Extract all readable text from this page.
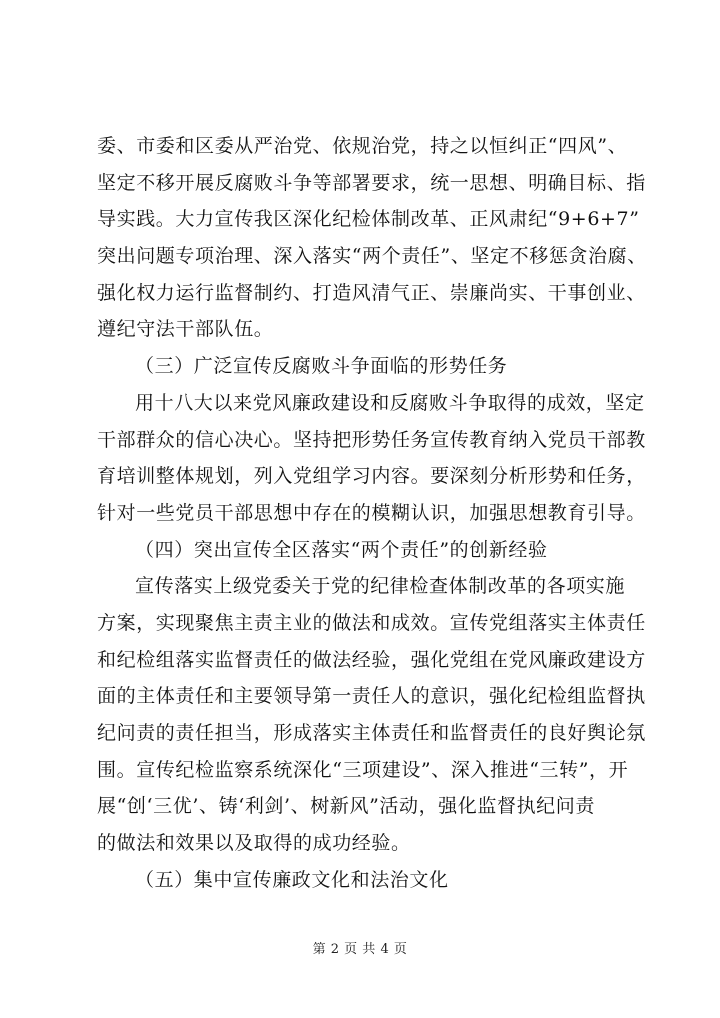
委、市委和区委从严治党、依规治党，持之以恒纠正“四风”、
坚定不移开展反腐败斗争等部署要求，统一思想、明确目标、指
导实践。大力宣传我区深化纪检体制改革、正风肃纪“9+6+7”
突出问题专项治理、深入落实“两个责任”、坚定不移惩贪治腐、
强化权力运行监督制约、打造风清气正、崇廉尚实、干事创业、
遵纪守法干部队伍。
（三）广泛宣传反腐败斗争面临的形势任务
用十八大以来党风廉政建设和反腐败斗争取得的成效，坚定
干部群众的信心决心。坚持把形势任务宣传教育纳入党员干部教
育培训整体规划，列入党组学习内容。要深刻分析形势和任务，
针对一些党员干部思想中存在的模糊认识，加强思想教育引导。
（四）突出宣传全区落实“两个责任”的创新经验
宣传落实上级党委关于党的纪律检查体制改革的各项实施
方案，实现聚焦主责主业的做法和成效。宣传党组落实主体责任
和纪检组落实监督责任的做法经验，强化党组在党风廉政建设方
面的主体责任和主要领导第一责任人的意识，强化纪检组监督执
纪问责的责任担当，形成落实主体责任和监督责任的良好舆论氛
围。宣传纪检监察系统深化“三项建设”、深入推进“三转”，开
展“创‘三优’、铸‘利剑’、树新风”活动，强化监督执纪问责
的做法和效果以及取得的成功经验。
（五）集中宣传廉政文化和法治文化
第 2 页 共 4 页
